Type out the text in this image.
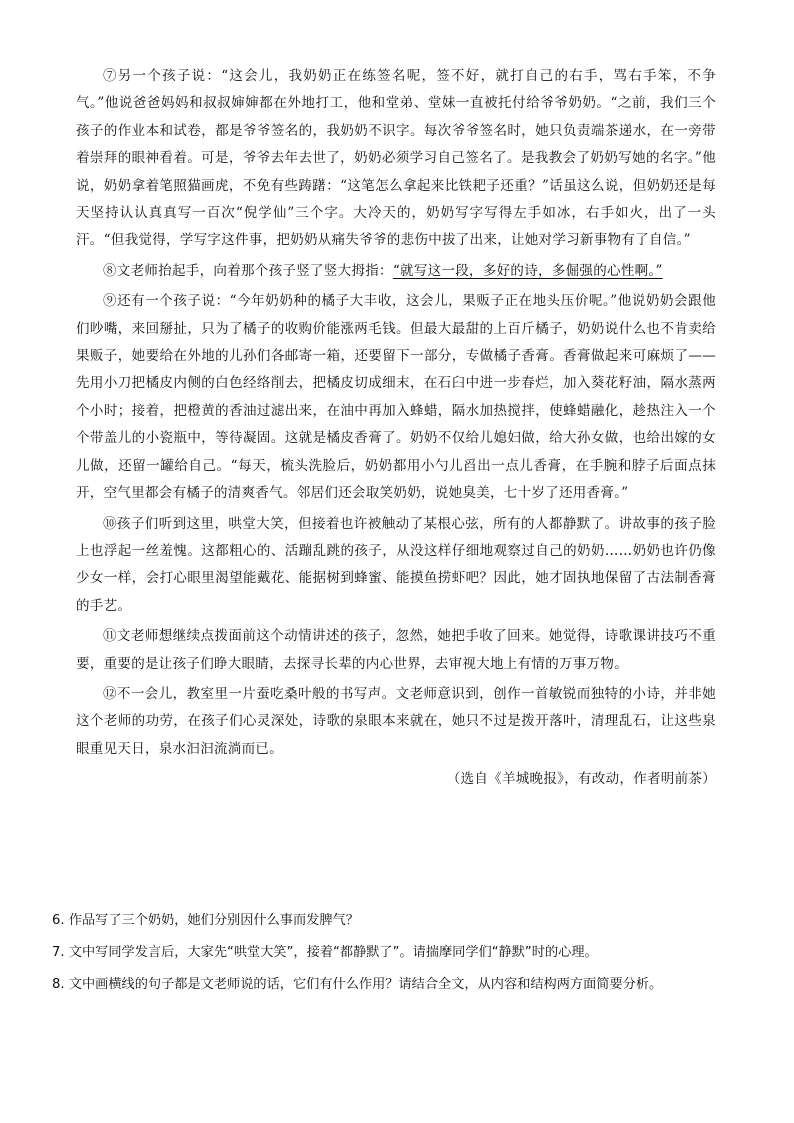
⑦另一个孩子说：“这会儿，我奶奶正在练签名呢，签不好，就打自己的右手，骂右手笨，不争气。”他说爸爸妈妈和叔叔婶婶都在外地打工，他和堂弟、堂妹一直被托付给爷爷奶奶。“之前，我们三个孩子的作业本和试卷，都是爷爷签名的，我奶奶不识字。每次爷爷签名时，她只负责端茶递水，在一旁带着崇拜的眼神看着。可是，爷爷去年去世了，奶奶必须学习自己签名了。是我教会了奶奶写她的名字。”他说，奶奶拿着笔照猫画虎，不免有些踌躇：“这笔怎么拿起来比铁耙子还重？”话虽这么说，但奶奶还是每天坚持认认真真写一百次“倪学仙”三个字。大冷天的，奶奶写字写得左手如冰，右手如火，出了一头汗。“但我觉得，学写字这件事，把奶奶从痛失爷爷的悲伤中拔了出来，让她对学习新事物有了自信。”

⑧文老师抬起手，向着那个孩子竖了竖大拇指：“就写这一段，多好的诗，多倔强的心性啊。”

⑨还有一个孩子说：“今年奶奶种的橘子大丰收，这会儿，果贩子正在地头压价呢。”他说奶奶会跟他们吵嘴，来回掰扯，只为了橘子的收购价能涨两毛钱。但最大最甜的上百斤橘子，奶奶说什么也不肯卖给果贩子，她要给在外地的儿孙们各邮寄一箱，还要留下一部分，专做橘子香膏。香膏做起来可麻烦了——先用小刀把橘皮内侧的白色经络削去，把橘皮切成细末，在石臼中进一步春烂，加入葵花籽油，隔水蒸两个小时；接着，把橙黄的香油过滤出来，在油中再加入蜂蜡，隔水加热搅拌，使蜂蜡融化，趁热注入一个个带盖儿的小瓷瓶中，等待凝固。这就是橘皮香膏了。奶奶不仅给儿媳妇做，给大孙女做，也给出嫁的女儿做，还留一罐给自己。“每天，梳头洗脸后，奶奶都用小勺儿舀出一点儿香膏，在手腕和脖子后面点抹开，空气里都会有橘子的清爽香气。邻居们还会取笑奶奶，说她臭美，七十岁了还用香膏。”

⑩孩子们听到这里，哄堂大笑，但接着也许被触动了某根心弦，所有的人都静默了。讲故事的孩子脸上也浮起一丝羞愧。这都粗心的、活蹦乱跳的孩子，从没这样仔细地观察过自己的奶奶……奶奶也许仍像少女一样，会打心眼里渴望能戴花、能据树到蜂蜜、能摸鱼捞虾吧？因此，她才固执地保留了古法制香膏的手艺。

⑪文老师想继续点拨面前这个动情讲述的孩子，忽然，她把手收了回来。她觉得，诗歌课讲技巧不重要，重要的是让孩子们睁大眼睛，去探寻长辈的内心世界，去审视大地上有情的万事万物。

⑫不一会儿，教室里一片蚕吃桑叶般的书写声。文老师意识到，创作一首敏锐而独特的小诗，并非她这个老师的功劳，在孩子们心灵深处，诗歌的泉眼本来就在，她只不过是拨开落叶，清理乱石，让这些泉眼重见天日，泉水汩汩流淌而已。

（选自《羊城晚报》，有改动，作者明前茶）

6. 作品写了三个奶奶，她们分别因什么事而发脾气？

7. 文中写同学发言后，大家先“哄堂大笑”，接着“都静默了”。请揣摩同学们“静默”时的心理。

8. 文中画横线的句子都是文老师说的话，它们有什么作用？请结合全文，从内容和结构两方面简要分析。
